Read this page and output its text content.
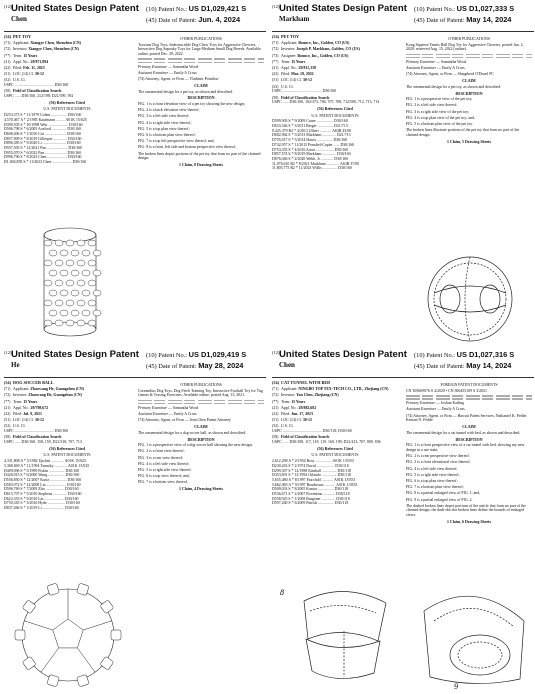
(12) United States Design Patent
Chen
(10) Patent No.: US D1,029,421 S
(45) Date of Patent: Jun. 4, 2024
(54) PET TOY
(71) Applicant: Xiangye Chen, Shenzhen (CN)
(72) Inventor: Xiangye Chen, Shenzhen (CN)
(**) Term: 15 Years
(21) Appl. No.: 29/871,894
(22) Filed: Feb. 11, 2023
(51) LOC (14) Cl. 30-12
(52) U.S. Cl.
USPC ........................................ D30/160
(58) Field of Classification Search
USPC ...... D30/160, 212/198; D21/399, 592
(56) References Cited
U.S. PATENT DOCUMENTS
D253,373 S * 11/1979 Cohen ................ D30/160
4,570,467 A * 2/1985 Kaufmann ......... A01K 15/025
D399,505 S * 10/1998 Weir .................... D30/160
D506,798 S * 6/2005 Axelrod ............... D30/160
D608,406 S * 1/2010 Cui ...................... D30/160
D857,909 S * 8/2019 Gillespie .............. D30/160
D896,385 S * 9/2020 Li ........................ D30/160
D937,505 S * 12/2021 Pan ..................... D30/160
D955,070 S * 6/2022 Pan ...................... D30/160
D996,796 S * 8/2023 Chen .................... D30/160
D1,004,858 S * 11/2023 Chen .................... D30/160
OTHER PUBLICATIONS
Toozone Dog Toys, Indestructible Dog Chew Toys for Aggressive Chewers, Interactive Dog Squeaky Toys for Large Medium Small Dog Breeds. Available online, posted Dec. 29, 2022.
Primary Examiner — Samantha Wood
Assistant Examiner — Emily A Cross
(74) Attorney, Agent, or Firm — Vladimir Pointlow
CLAIM
The ornamental design for a pet toy, as shown and described.
DESCRIPTION
FIG. 1 is a front elevation view of a pet toy showing the new design;
FIG. 2 is a back elevation view thereof;
FIG. 3 is a left side view thereof;
FIG. 4 is a right side view thereof;
FIG. 5 is a top plan view thereof;
FIG. 6 is a bottom plan view thereof;
FIG. 7 is a top left perspective view thereof; and,
FIG. 8 is a front, left side and bottom perspective view thereof.
The broken lines depict portions of the pet toy that form no part of the claimed design.
1 Claim, 8 Drawing Sheets
(12) United States Design Patent
Markham
(10) Patent No.: US D1,027,333 S
(45) Date of Patent: May 14, 2024
(54) PET TOY
(71) Applicant: Bounce, Inc., Golden, CO (US)
(72) Inventor: Joseph P. Markham, Golden, CO (US)
(73) Assignee: Bounce, Inc., Golden, CO (US)
(**) Term: 15 Years
(21) Appl. No.: 29/811,338
(22) Filed: Mar. 18, 2022
(51) LOC (14) Cl. 30-12
(52) U.S. Cl.
USPC ........................................ D30/160
(58) Field of Classification Search
USPC ...... D30/160, 102/373, 706, 707, 708, 712/580, 712, 713, 714
(56) References Cited
U.S. PATENT DOCUMENTS
D599,903 S * 9/2009 Crane ................. D30/160
D633,546 S * 3/2011 Berger ................ D21/713
8,425,379 B2 * 4/2013 Ulbert ............ A63B 43/00
D682,962 S * 5/2013 Markham .............. D21/713
D705,017 S * 5/2014 Harris ................ D30/160
D742,957 S * 11/2015 Penafiel-Copier ...... D30/160
D753,355 S * 4/2016 Arora .................. D30/160
D857,574 S * 8/2019 Markham .............. D30/160
D876,046 S * 2/2020 Webb, Jr. ............ D30/160
11,076,610 B2 * 8/2021 Markham ............. A63B 37/00
11,805,775 B2 * 11/2023 Willis ............... D30/160
OTHER PUBLICATIONS
Kong Squeezz Tennis Ball Dog Toy for Aggressive Chewers, posted Jun. 2, 2020, retrieved Aug. 15, 2022 (online).
Primary Examiner — Samantha Wood
Assistant Examiner — Emily A Cross
(74) Attorney, Agent, or Firm — Sheppherd O'Donel PC
CLAIM
The ornamental design for a pet toy, as shown and described.
DESCRIPTION
FIG. 1 is a perspective view of the pet toy;
FIG. 2 is a left side view thereof;
FIG. 3 is a right side view of the pet toy;
FIG. 4 is a top plan view of the pet toy; and,
FIG. 5 is a bottom plan view of the pet toy.
The broken lines illustrate portions of the pet toy that form no part of the claimed design.
1 Claim, 5 Drawing Sheets
(12) United States Design Patent
He
(10) Patent No.: US D1,029,419 S
(45) Date of Patent: May 28, 2024
(54) DOG SOCCER BALL
(71) Applicant: Zhaowang He, Guangzhou (CN)
(72) Inventor: Zhaowang He, Guangzhou (CN)
(**) Term: 15 Years
(21) Appl. No.: 29/798,672
(22) Filed: Jul. 9, 2021
(51) LOC (14) Cl. 30-12
(52) U.S. Cl.
USPC ........................................ D30/160
(58) Field of Classification Search
USPC ...... D30/160, 158, 159, D21/318, 707, 713
(56) References Cited
U.S. PATENT DOCUMENTS
4,331,808 A * 5/1982 Upchitt ............. A01K 15/025
5,368,849 A * 11/1994 Tumulty ............. A01K 15/025
D409,096 S * 5/1999 Fiskin ................ D30/160
D426,915 S * 6/2000 Wang ................. D30/160
D556,850 S * 12/2007 Kurtz ................. D30/160
D583,972 S * 12/2008 Liu .................... D30/160
D596,769 S * 7/2009 Zhu ................... D30/160
D615,707 S * 5/2010 Stephens .............. D30/160
D623,353 S * 9/2010 Lai .................... D30/160
D750,345 S * 3/2016 Hyde .................. D30/160
D837,466 S * 1/2019 Li ...................... D30/160
OTHER PUBLICATIONS
Coreanthus Dog Toys, Dog Fetch Training Toy, Interactive Football Toy for Tug Games & Tossing Exercises. Available online, posted Aug. 13, 2021.
Primary Examiner — Samantha Wood
Assistant Examiner — Emily A Cross
(74) Attorney, Agent, or Firm — Jean Chen Patent Attorney
CLAIM
The ornamental design for a dog soccer ball, as shown and described.
DESCRIPTION
FIG. 1 is a perspective view of a dog soccer ball showing the new design;
FIG. 2 is a front view thereof;
FIG. 3 is a rear view thereof;
FIG. 4 is a left side view thereof;
FIG. 5 is a right side view thereof;
FIG. 6 is a top view thereof; and,
FIG. 7 is a bottom view thereof.
1 Claim, 4 Drawing Sheets
(12) United States Design Patent
Chen
(10) Patent No.: US D1,027,316 S
(45) Date of Patent: May 14, 2024
(54) CAT TUNNEL WITH BED
(71) Applicant: NINGBO TOP TEX-TECH CO., LTD., Zhejiang (CN)
(72) Inventor: Yan Chen, Zhejiang (CN)
(**) Term: 15 Years
(21) Appl. No.: 29/882,682
(22) Filed: Jun. 17, 2023
(51) LOC (14) Cl. 30-12
(52) U.S. Cl.
USPC ........................................ D30/118; D30/160
(58) Field of Classification Search
USPC ...... D30/108, 117, 118, 119, 160, 199; D21/413, 707, 800, 836
(56) References Cited
U.S. PATENT DOCUMENTS
2,612,298 A * 2/1954 Ross ................. A01K 1/0353
D230,263 S * 2/1974 David .................. D30/118
D299,307 S * 12/1988 Kimball ............... D30/118
D353,691 S * 12/1994 Orlando ............... D30/118
5,655,480 A * 8/1997 Fairchild ............ A01K 1/0353
5,662,065 A * 9/1997 Boudreaux ........... A01K 1/0353
D509,033 S * 8/2005 Kantor ................ D30/118
D536,671 S * 2/2007 Fiorentino ............ D30/118
D558,925 S * 1/2008 Burgener .............. D30/118
D597,260 S * 6/2009 Patrick ................ D30/118
FOREIGN PATENT DOCUMENTS
CN 305669076 S 4/2020 • CN 306455109 S 3/2021
Primary Examiner — Joshua Kading
Assistant Examiner — Emily A Cross
(74) Attorney, Agent, or Firm — Hawaii Patent Services; Nathaniel K. Fedde; Kenton N. Fedde
CLAIM
The ornamental design for a cat tunnel with bed, as shown and described.
DESCRIPTION
FIG. 1 is a front perspective view of a cat tunnel with bed, showing my new design in a use state;
FIG. 2 is a rear perspective view thereof;
FIG. 3 is a front elevational view thereof;
FIG. 4 is a left side view thereof;
FIG. 5 is a right side view thereof;
FIG. 6 is a top plan view thereof;
FIG. 7 is a bottom plan view thereof;
FIG. 8 is a partial enlarged view of FIG. 1; and,
FIG. 9 is a partial enlarged view of FIG. 2.
The dashed broken lines depict portions of the article that form no part of the claimed design; the dash-dot-dot broken lines define the bounds of enlarged views.
1 Claim, 6 Drawing Sheets
8
9
